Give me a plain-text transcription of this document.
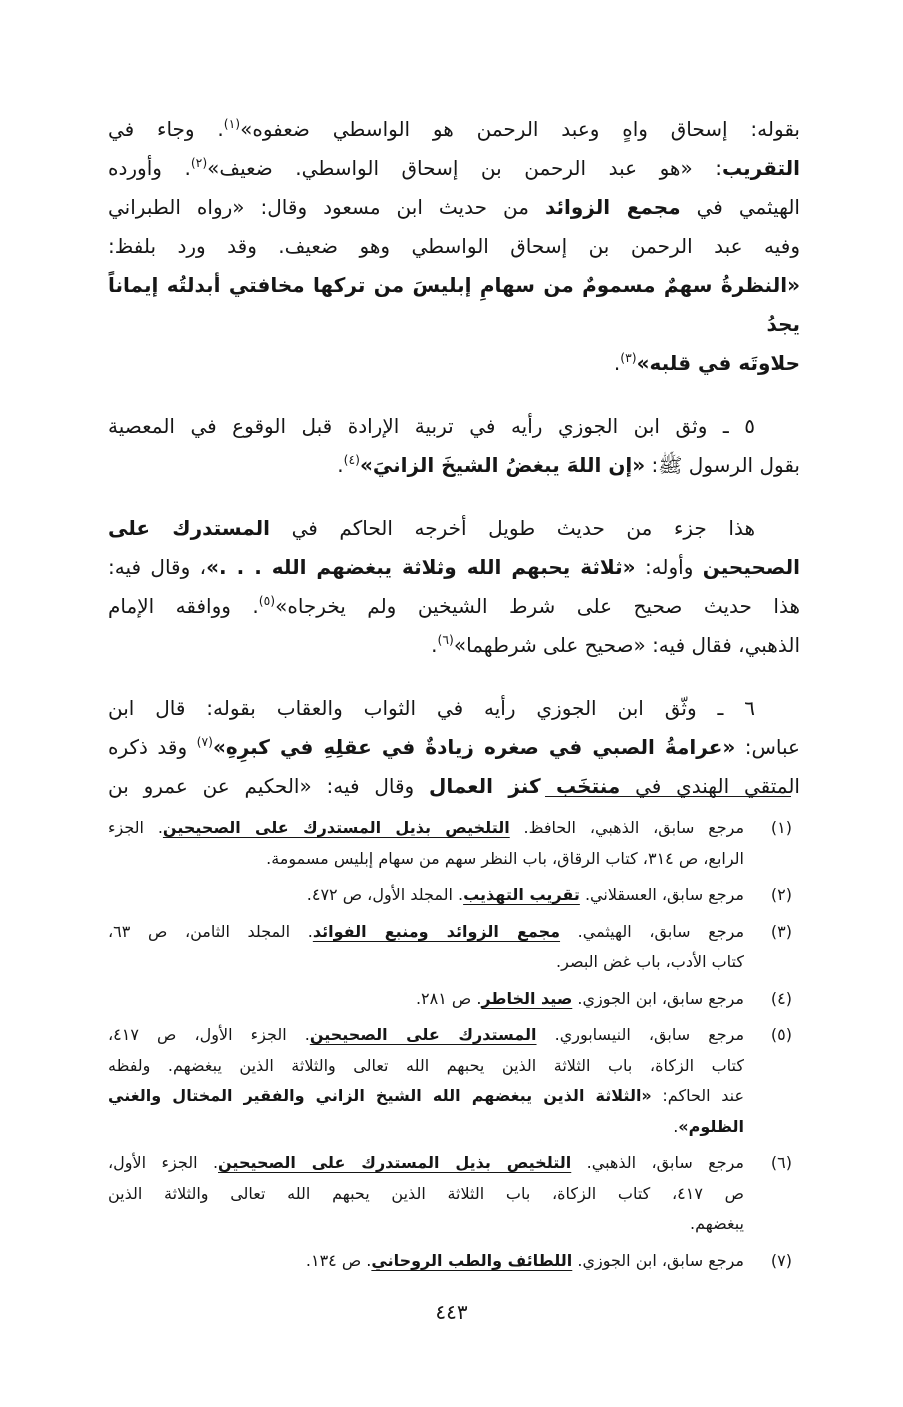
بقوله: إسحاق واهٍ وعبد الرحمن هو الواسطي ضعفوه»$^{(١)}$. وجاء في
التقريب: «هو عبد الرحمن بن إسحاق الواسطي. ضعيف»$^{(٢)}$. وأورده
الهيثمي في مجمع الزوائد من حديث ابن مسعود وقال: «رواه الطبراني
وفيه عبد الرحمن بن إسحاق الواسطي وهو ضعيف. وقد ورد بلفظ:
«النظرةُ سهمٌ مسمومٌ من سهامِ إبليسَ من تركها مخافتي أبدلتُه إيماناً يجدُ
حلاوتَه في قلبه»$^{(٣)}$.
٥ ـ وثق ابن الجوزي رأيه في تربية الإرادة قبل الوقوع في المعصية
بقول الرسول ﷺ: «إن اللهَ يبغضُ الشيخَ الزانيَ»$^{(٤)}$.
هذا جزء من حديث طويل أخرجه الحاكم في المستدرك على
الصحيحين وأوله: «ثلاثة يحبهم الله وثلاثة يبغضهم الله . . .»، وقال فيه:
هذا حديث صحيح على شرط الشيخين ولم يخرجاه»$^{(٥)}$. ووافقه الإمام
الذهبي، فقال فيه: «صحيح على شرطهما»$^{(٦)}$.
٦ ـ وثّق ابن الجوزي رأيه في الثواب والعقاب بقوله: قال ابن
عباس: «عرامةُ الصبي في صغره زيادةٌ في عقلِهِ في كبرِهِ»$^{(٧)}$ وقد ذكره
المتقي الهندي في منتخَب كنز العمال وقال فيه: «الحكيم عن عمرو بن
(١)
مرجع سابق، الذهبي، الحافظ. التلخيص بذيل المستدرك على الصحيحين. الجزء
الرابع، ص ٣١٤، كتاب الرقاق، باب النظر سهم من سهام إبليس مسمومة.
(٢)
مرجع سابق، العسقلاني. تقريب التهذيب. المجلد الأول، ص ٤٧٢.
(٣)
مرجع سابق، الهيثمي. مجمع الزوائد ومنبع الفوائد. المجلد الثامن، ص ٦٣،
كتاب الأدب، باب غض البصر.
(٤)
مرجع سابق، ابن الجوزي. صيد الخاطر. ص ٢٨١.
(٥)
مرجع سابق، النيسابوري. المستدرك على الصحيحين. الجزء الأول، ص ٤١٧،
كتاب الزكاة، باب الثلاثة الذين يحبهم الله تعالى والثلاثة الذين يبغضهم. ولفظه
عند الحاكم: «الثلاثة الذين يبغضهم الله الشيخ الزاني والفقير المختال والغني
الظلوم».
(٦)
مرجع سابق، الذهبي. التلخيص بذيل المستدرك على الصحيحين. الجزء الأول،
ص ٤١٧، كتاب الزكاة، باب الثلاثة الذين يحبهم الله تعالى والثلاثة الذين
يبغضهم.
(٧)
مرجع سابق، ابن الجوزي. اللطائف والطب الروحاني. ص ١٣٤.
٤٤٣
